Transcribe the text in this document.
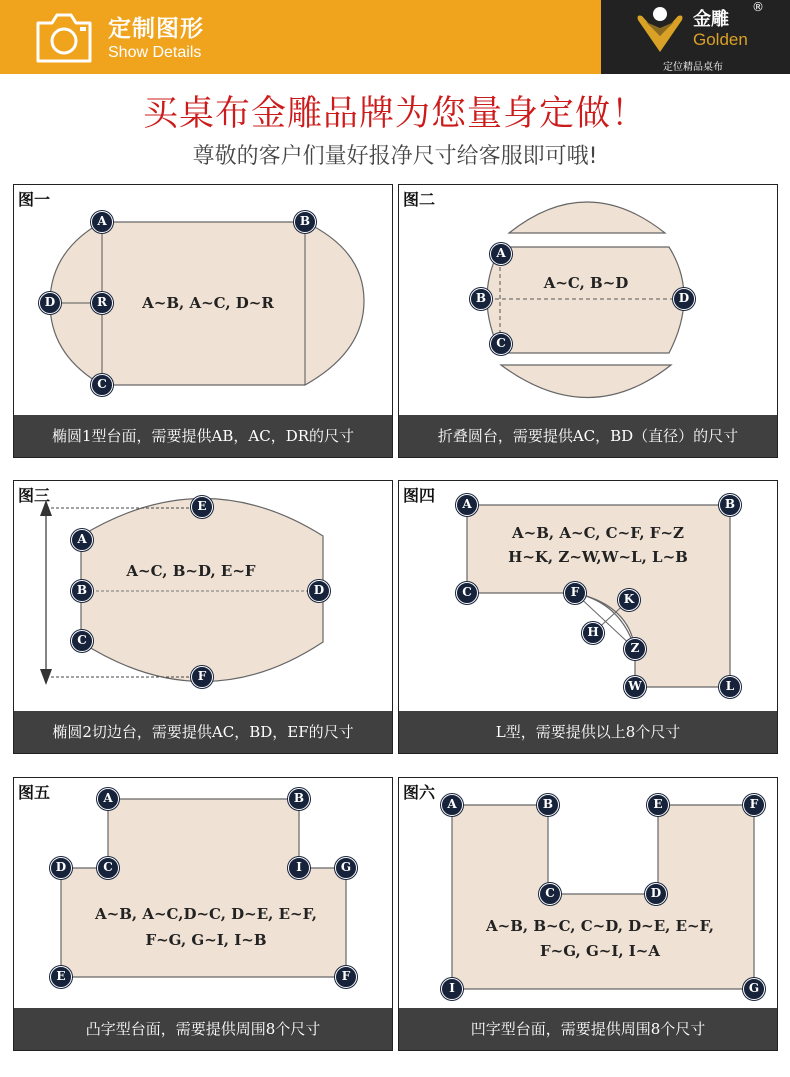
定制图形
Show Details
金雕
®
Golden
定位精品桌布
买桌布金雕品牌为您量身定做！
尊敬的客户们量好报净尺寸给客服即可哦!
图一
A~B, A~C, D~R
A	B
D	R
C
椭圆1型台面，需要提供AB，AC，DR的尺寸
图二
A~C, B~D
A
B	D
C
折叠圆台，需要提供AC，BD（直径）的尺寸
图三
A~C, B~D, E~F
E
A
B	D
C
F
椭圆2切边台，需要提供AC，BD，EF的尺寸
图四
A~B, A~C, C~F, F~Z
H~K, Z~W,W~L, L~B
A	B
C	F	K
H
Z
W	L
L型，需要提供以上8个尺寸
图五
A~B, A~C,D~C, D~E, E~F,
F~G, G~I, I~B
A	B
D	C	I	G
E	F
凸字型台面，需要提供周围8个尺寸
图六
A~B, B~C, C~D, D~E, E~F,
F~G, G~I, I~A
A	B	E	F
C	D
I	G
凹字型台面，需要提供周围8个尺寸
